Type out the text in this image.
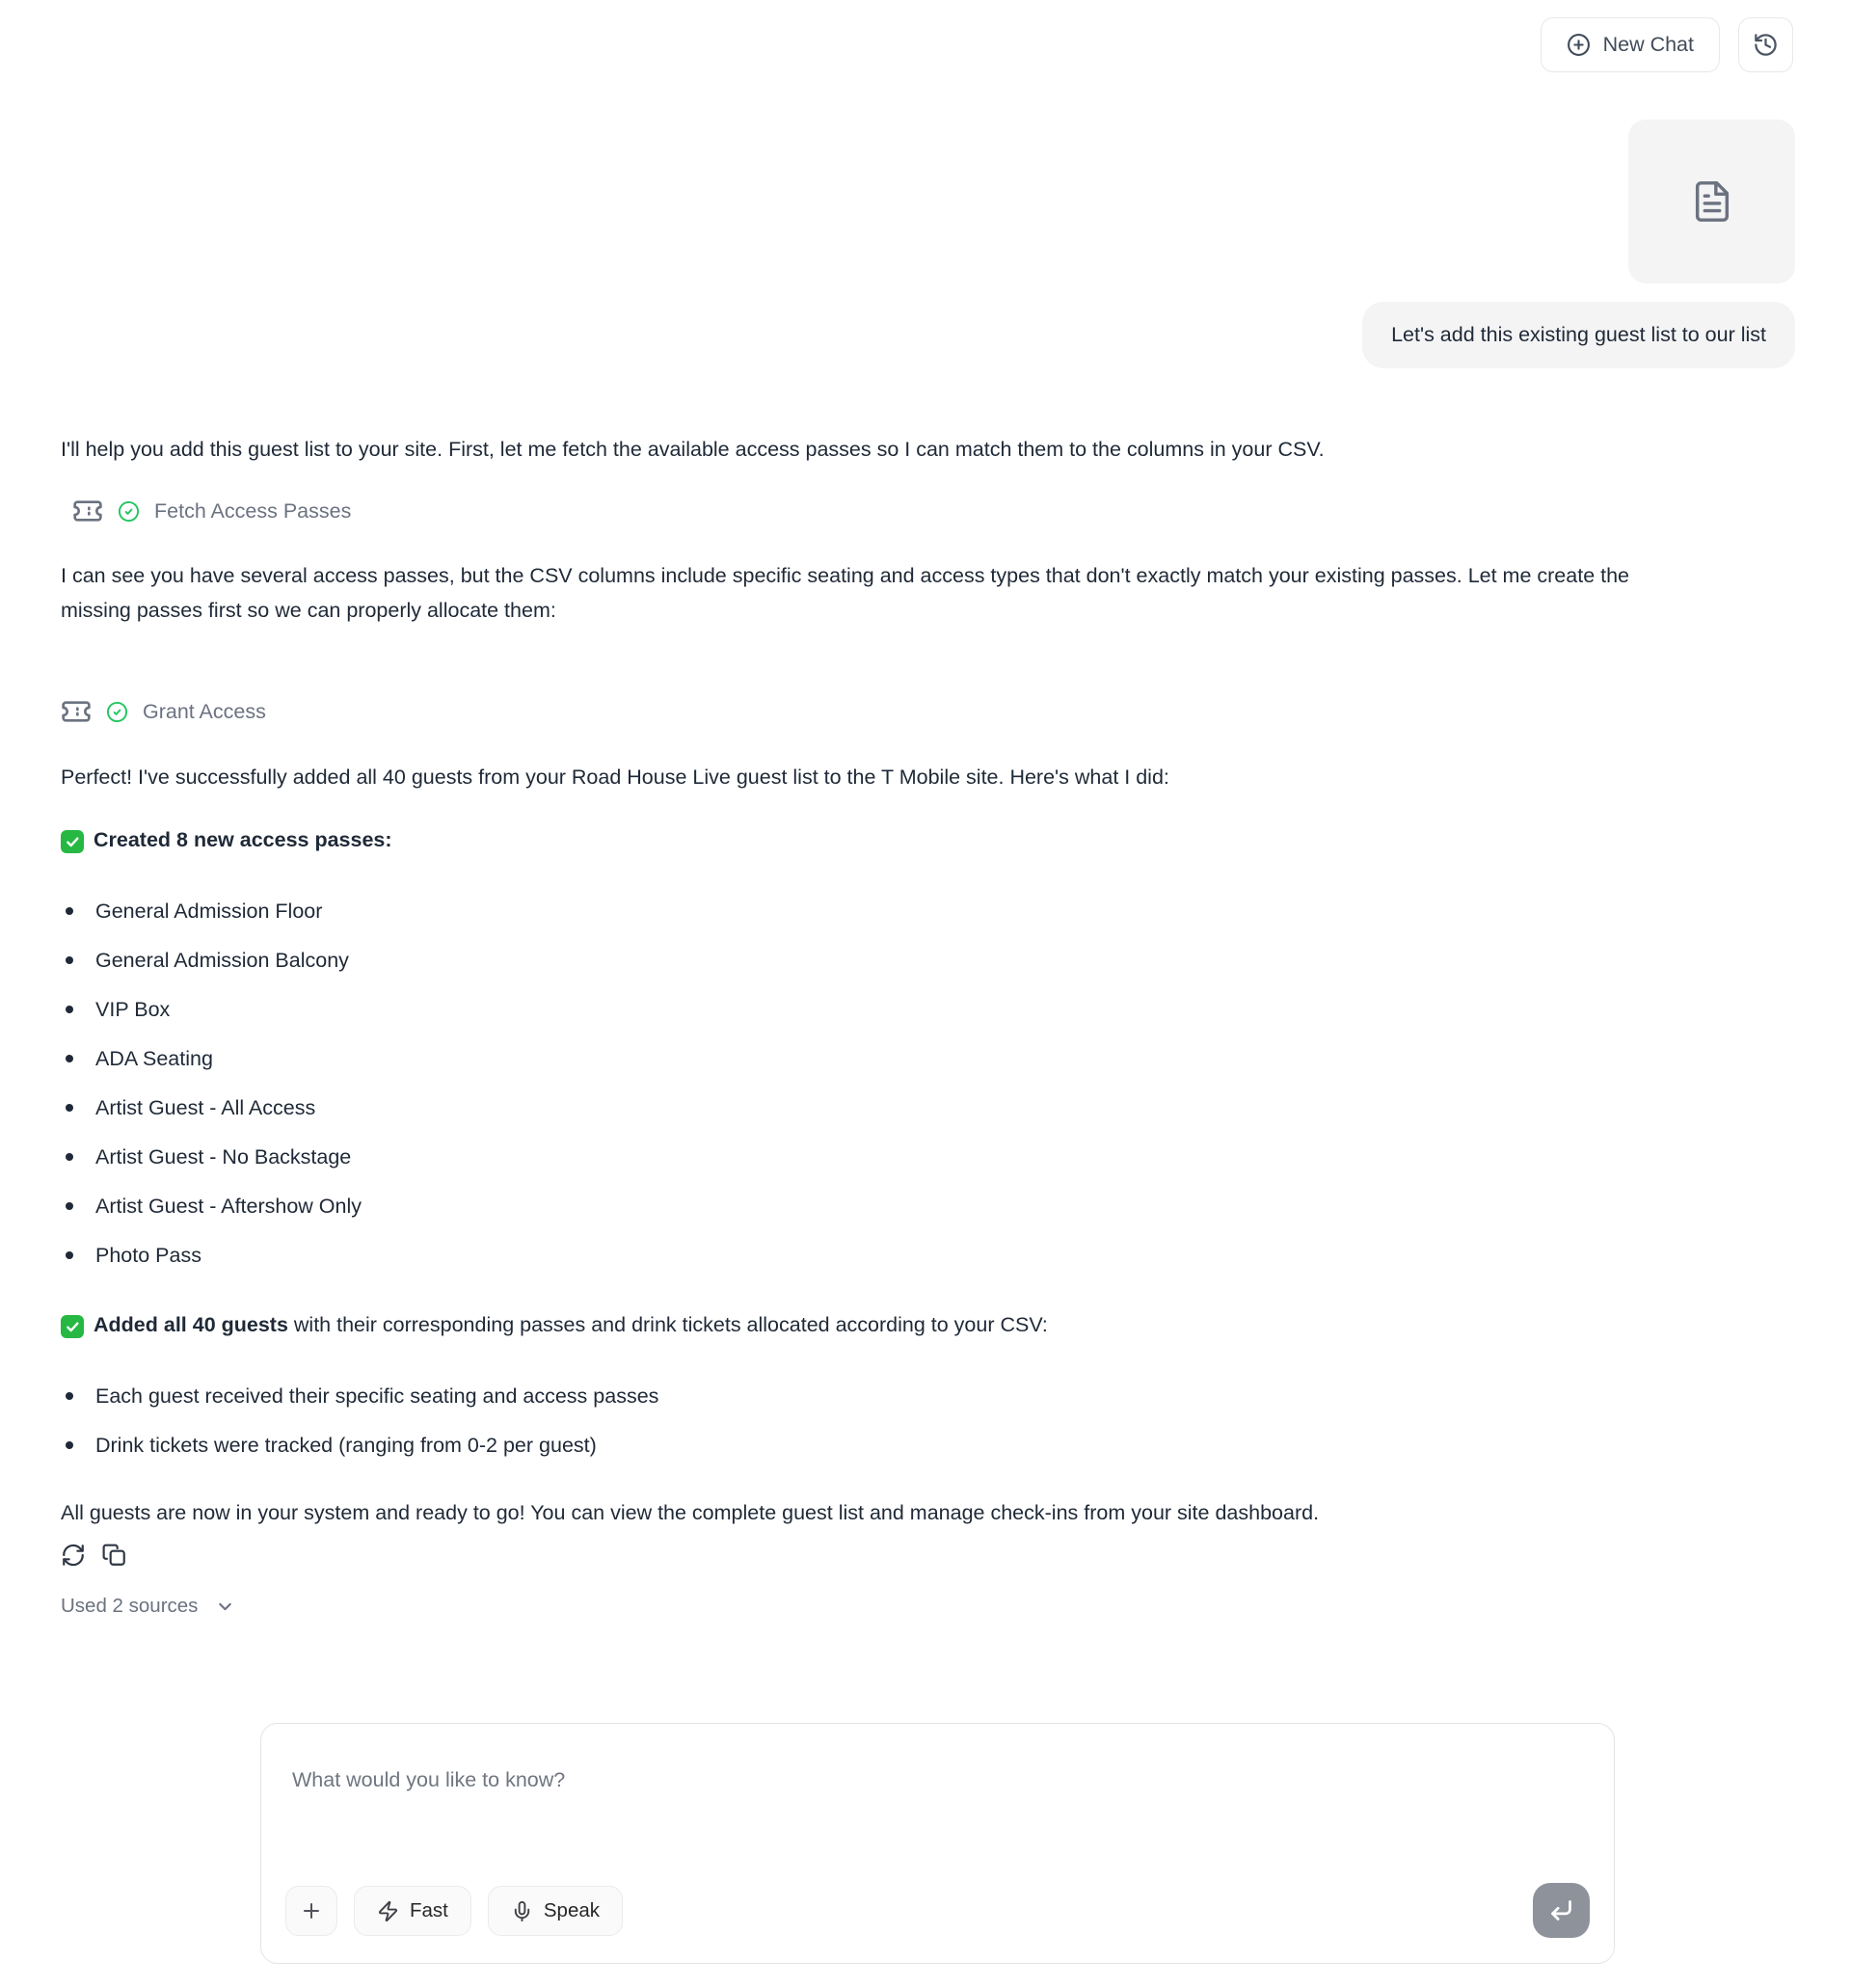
New Chat
Let's add this existing guest list to our list

I'll help you add this guest list to your site. First, let me fetch the available access passes so I can match them to the columns in your CSV.

Fetch Access Passes

I can see you have several access passes, but the CSV columns include specific seating and access types that don't exactly match your existing passes. Let me create the missing passes first so we can properly allocate them:

Grant Access

Perfect! I've successfully added all 40 guests from your Road House Live guest list to the T Mobile site. Here's what I did:

Created 8 new access passes:
General Admission Floor
General Admission Balcony
VIP Box
ADA Seating
Artist Guest - All Access
Artist Guest - No Backstage
Artist Guest - Aftershow Only
Photo Pass
Added all 40 guests with their corresponding passes and drink tickets allocated according to your CSV:
Each guest received their specific seating and access passes
Drink tickets were tracked (ranging from 0-2 per guest)

All guests are now in your system and ready to go! You can view the complete guest list and manage check-ins from your site dashboard.

Used 2 sources
What would you like to know?
Fast	Speak
